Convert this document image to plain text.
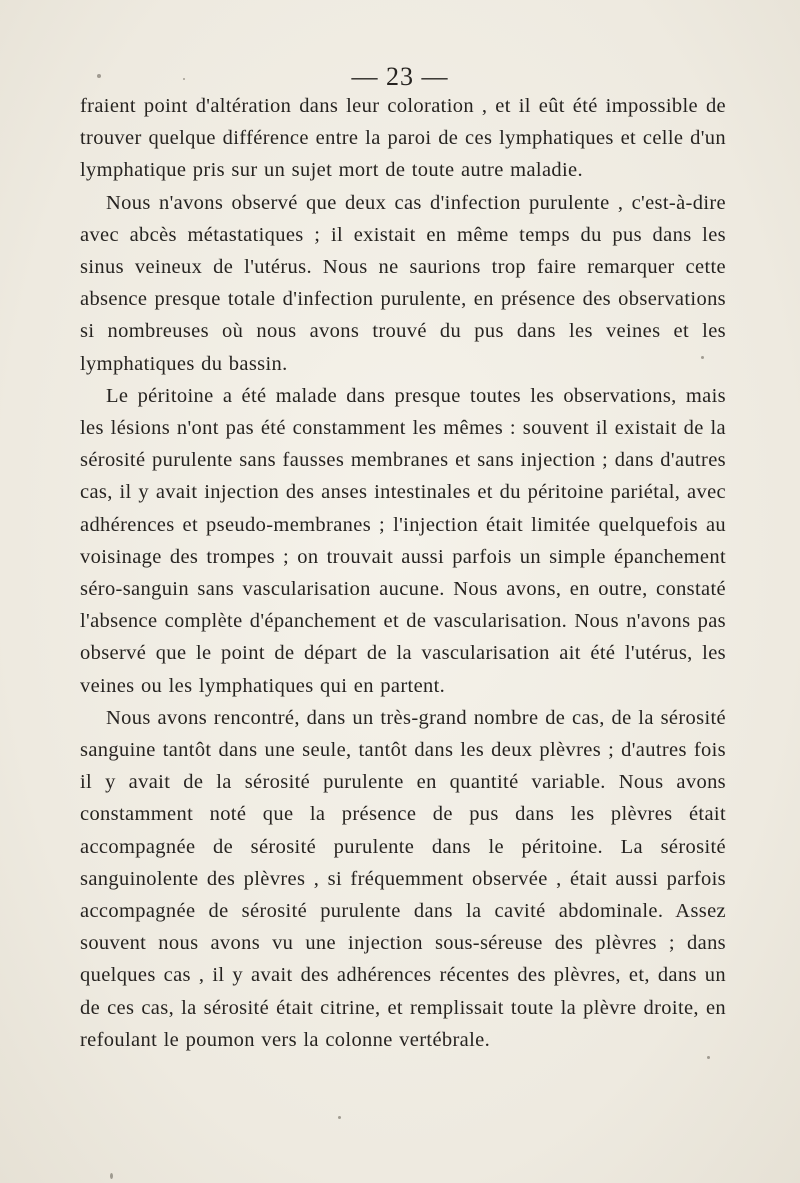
— 23 —

fraient point d'altération dans leur coloration , et il eût été impossible de trouver quelque différence entre la paroi de ces lymphatiques et celle d'un lymphatique pris sur un sujet mort de toute autre maladie.

Nous n'avons observé que deux cas d'infection purulente , c'est-à-dire avec abcès métastatiques ; il existait en même temps du pus dans les sinus veineux de l'utérus. Nous ne saurions trop faire remarquer cette absence presque totale d'infection purulente, en présence des observations si nombreuses où nous avons trouvé du pus dans les veines et les lymphatiques du bassin.

Le péritoine a été malade dans presque toutes les observations, mais les lésions n'ont pas été constamment les mêmes : souvent il existait de la sérosité purulente sans fausses membranes et sans injection ; dans d'autres cas, il y avait injection des anses intestinales et du péritoine pariétal, avec adhérences et pseudo-membranes ; l'injection était limitée quelquefois au voisinage des trompes ; on trouvait aussi parfois un simple épanchement séro-sanguin sans vascularisation aucune. Nous avons, en outre, constaté l'absence complète d'épanchement et de vascularisation. Nous n'avons pas observé que le point de départ de la vascularisation ait été l'utérus, les veines ou les lymphatiques qui en partent.

Nous avons rencontré, dans un très-grand nombre de cas, de la sérosité sanguine tantôt dans une seule, tantôt dans les deux plèvres ; d'autres fois il y avait de la sérosité purulente en quantité variable. Nous avons constamment noté que la présence de pus dans les plèvres était accompagnée de sérosité purulente dans le péritoine. La sérosité sanguinolente des plèvres , si fréquemment observée , était aussi parfois accompagnée de sérosité purulente dans la cavité abdominale. Assez souvent nous avons vu une injection sous-séreuse des plèvres ; dans quelques cas , il y avait des adhérences récentes des plèvres, et, dans un de ces cas, la sérosité était citrine, et remplissait toute la plèvre droite, en refoulant le poumon vers la colonne vertébrale.
